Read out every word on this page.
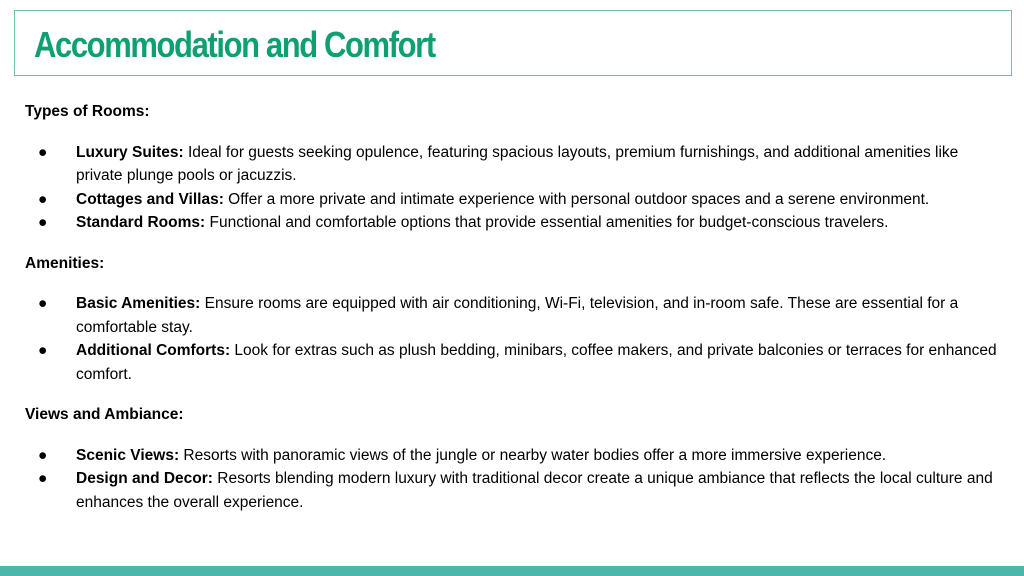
Accommodation and Comfort

Types of Rooms:

● Luxury Suites: Ideal for guests seeking opulence, featuring spacious layouts, premium furnishings, and additional amenities like private plunge pools or jacuzzis.
● Cottages and Villas: Offer a more private and intimate experience with personal outdoor spaces and a serene environment.
● Standard Rooms: Functional and comfortable options that provide essential amenities for budget-conscious travelers.

Amenities:

● Basic Amenities: Ensure rooms are equipped with air conditioning, Wi-Fi, television, and in-room safe. These are essential for a comfortable stay.
● Additional Comforts: Look for extras such as plush bedding, minibars, coffee makers, and private balconies or terraces for enhanced comfort.

Views and Ambiance:

● Scenic Views: Resorts with panoramic views of the jungle or nearby water bodies offer a more immersive experience.
● Design and Decor: Resorts blending modern luxury with traditional decor create a unique ambiance that reflects the local culture and enhances the overall experience.
